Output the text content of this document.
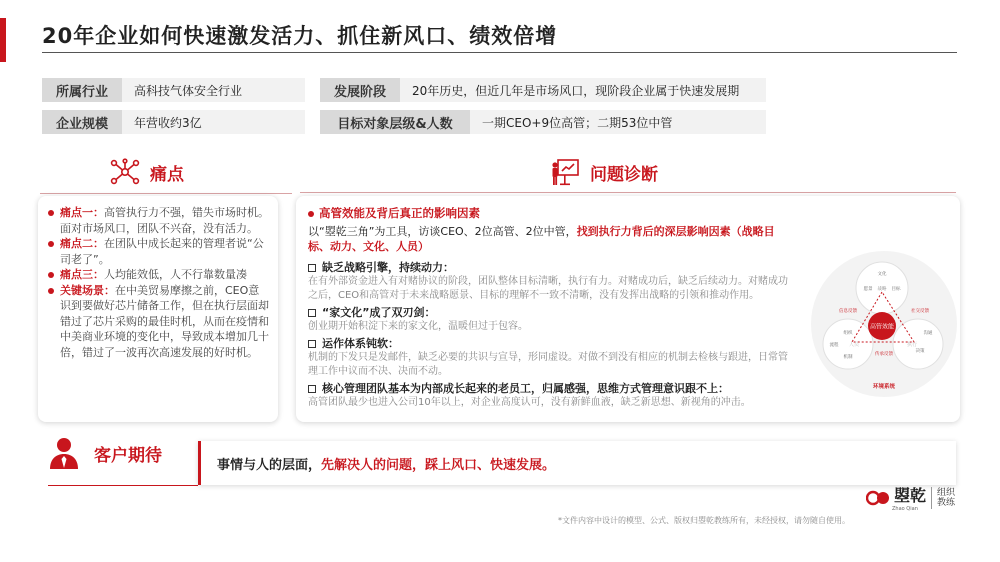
20年企业如何快速激发活力、抓住新风口、绩效倍增
所属行业	高科技气体安全行业
企业规模	年营收约3亿
发展阶段	20年历史，但近几年是市场风口，现阶段企业属于快速发展期
目标对象层级&人数	一期CEO+9位高管；二期53位中管
痛点	问题诊断
痛点一：高管执行力不强，错失市场时机。面对市场风口，团队不兴奋，没有活力。
痛点二：在团队中成长起来的管理者说“公司老了”。
痛点三：人均能效低，人不行靠数量凑
关键场景：在中美贸易摩擦之前，CEO意识到要做好芯片储备工作，但在执行层面却错过了芯片采购的最佳时机，从而在疫情和中美商业环境的变化中，导致成本增加几十倍，错过了一波再次高速发展的好时机。
高管效能及背后真正的影响因素
以“曌乾三角”为工具，访谈CEO、2位高管、2位中管，找到执行力背后的深层影响因素（战略目标、动力、文化、人员）
缺乏战略引擎，持续动力：
在有外部资金进入有对赌协议的阶段，团队整体目标清晰，执行有力。对赌成功后，缺乏后续动力。对赌成功之后，CEO和高管对于未来战略愿景、目标的理解不一致不清晰，没有发挥出战略的引领和推动作用。
“家文化”成了双刃剑：
创业期开始积淀下来的家文化，温暖但过于包容。
运作体系钝软：
机制的下发只是发邮件，缺乏必要的共识与宣导，形同虚设。对做不到没有相应的机制去检核与跟进，日常管理工作中议而不决、决而不动。
核心管理团队基本为内部成长起来的老员工，归属感强，思维方式管理意识跟不上：
高管团队最少也进入公司10年以上，对企业高度认可，没有新鲜血液，缺乏新思想、新视角的冲击。
高管效能
文化
愿景 战略 目标
组织
流程
机制
人员
沟通
决策
执行
信息反馈	社交反馈
传承反馈
环境系统
客户期待	事情与人的层面， 先解决人的问题，踩上风口、快速发展。
曌乾
Zhao Qian
组织
教练
*文件内容中设计的模型、公式、版权归曌乾教练所有，未经授权，请勿随自使用。
